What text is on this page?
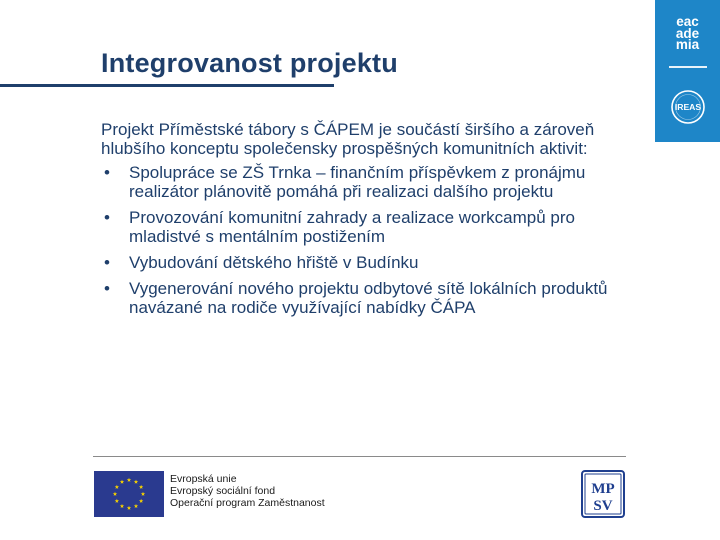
Integrovanost projektu
eac
ade
mia
IREAS

Projekt Příměstské tábory s ČÁPEM je součástí širšího a zároveň hlubšího konceptu společensky prospěšných komunitních aktivit:

• Spolupráce se ZŠ Trnka – finančním příspěvkem z pronájmu realizátor plánovitě pomáhá při realizaci dalšího projektu
• Provozování komunitní zahrady a realizace workcampů pro mladistvé s mentálním postižením
• Vybudování dětského hřiště v Budínku
• Vygenerování nového projektu odbytové sítě lokálních produktů navázané na rodiče využívající nabídky ČÁPA
Evropská unie
Evropský sociální fond
Operační program Zaměstnanost
MP
SV
